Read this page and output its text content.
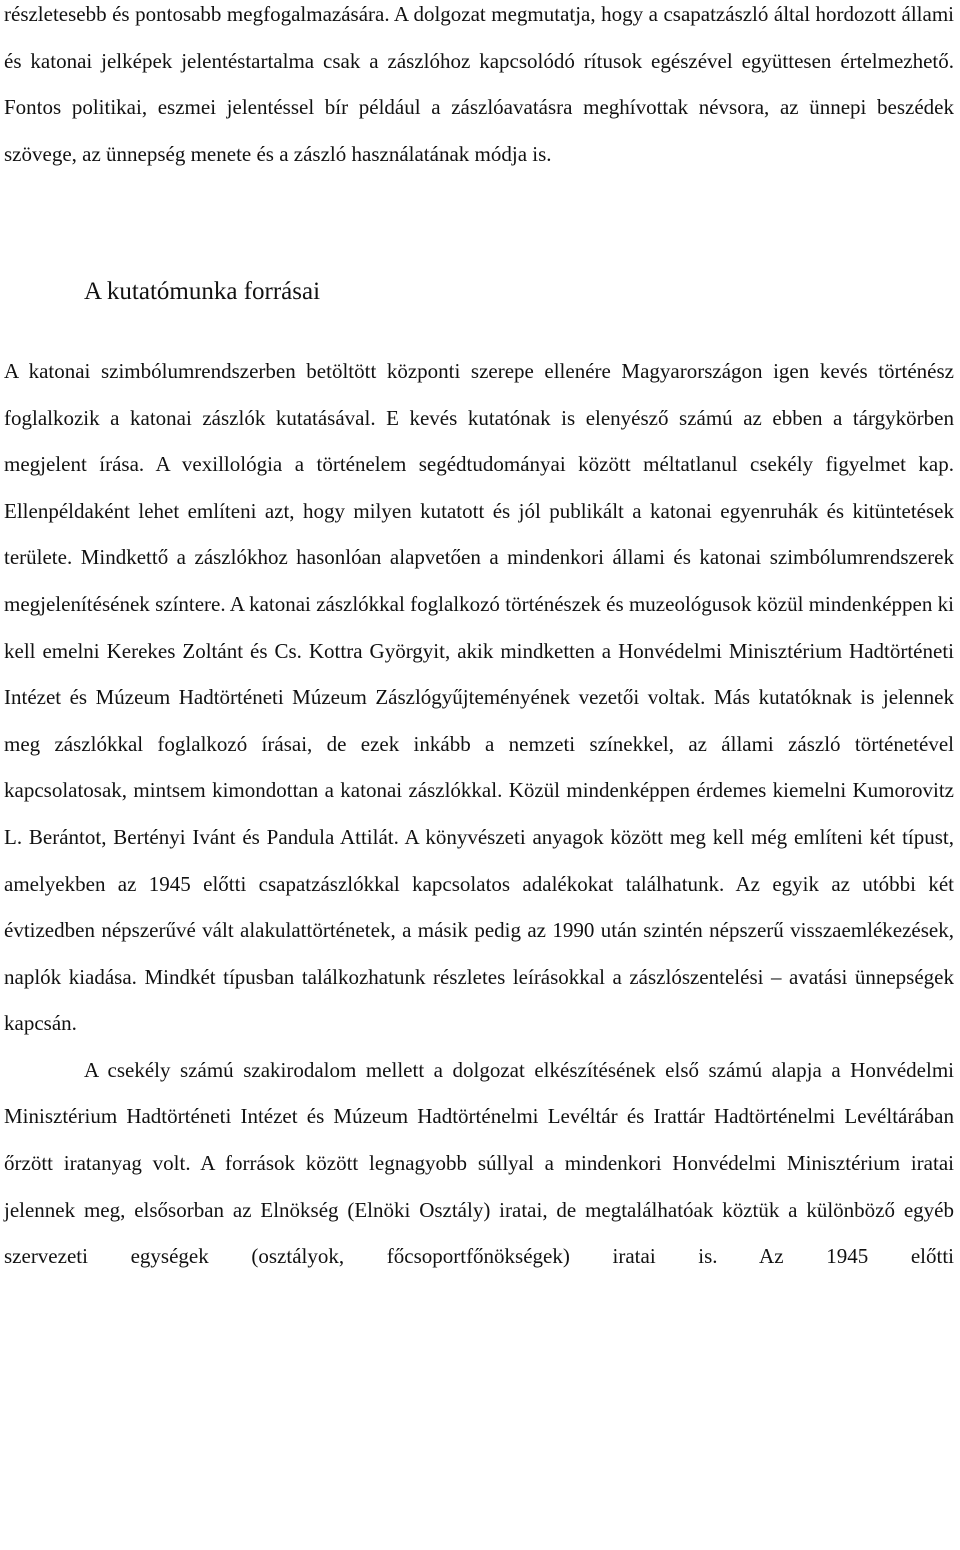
részletesebb és pontosabb megfogalmazására. A dolgozat megmutatja, hogy a csapatzászló által hordozott állami és katonai jelképek jelentéstartalma csak a zászlóhoz kapcsolódó rítusok egészével együttesen értelmezhető. Fontos politikai, eszmei jelentéssel bír például a zászlóavatásra meghívottak névsora, az ünnepi beszédek szövege, az ünnepség menete és a zászló használatának módja is.

A kutatómunka forrásai

A katonai szimbólumrendszerben betöltött központi szerepe ellenére Magyarországon igen kevés történész foglalkozik a katonai zászlók kutatásával. E kevés kutatónak is elenyésző számú az ebben a tárgykörben megjelent írása. A vexillológia a történelem segédtudományai között méltatlanul csekély figyelmet kap. Ellenpéldaként lehet említeni azt, hogy milyen kutatott és jól publikált a katonai egyenruhák és kitüntetések területe. Mindkettő a zászlókhoz hasonlóan alapvetően a mindenkori állami és katonai szimbólumrendszerek megjelenítésének színtere. A katonai zászlókkal foglalkozó történészek és muzeológusok közül mindenképpen ki kell emelni Kerekes Zoltánt és Cs. Kottra Györgyit, akik mindketten a Honvédelmi Minisztérium Hadtörténeti Intézet és Múzeum Hadtörténeti Múzeum Zászlógyűjteményének vezetői voltak. Más kutatóknak is jelennek meg zászlókkal foglalkozó írásai, de ezek inkább a nemzeti színekkel, az állami zászló történetével kapcsolatosak, mintsem kimondottan a katonai zászlókkal. Közül mindenképpen érdemes kiemelni Kumorovitz L. Berántot, Bertényi Ivánt és Pandula Attilát. A könyvészeti anyagok között meg kell még említeni két típust, amelyekben az 1945 előtti csapatzászlókkal kapcsolatos adalékokat találhatunk. Az egyik az utóbbi két évtizedben népszerűvé vált alakulattörténetek, a másik pedig az 1990 után szintén népszerű visszaemlékezések, naplók kiadása. Mindkét típusban találkozhatunk részletes leírásokkal a zászlószentelési – avatási ünnepségek kapcsán.

A csekély számú szakirodalom mellett a dolgozat elkészítésének első számú alapja a Honvédelmi Minisztérium Hadtörténeti Intézet és Múzeum Hadtörténelmi Levéltár és Irattár Hadtörténelmi Levéltárában őrzött iratanyag volt. A források között legnagyobb súllyal a mindenkori Honvédelmi Minisztérium iratai jelennek meg, elsősorban az Elnökség (Elnöki Osztály) iratai, de megtalálhatóak köztük a különböző egyéb szervezeti egységek (osztályok, főcsoportfőnökségek) iratai is. Az 1945 előtti
